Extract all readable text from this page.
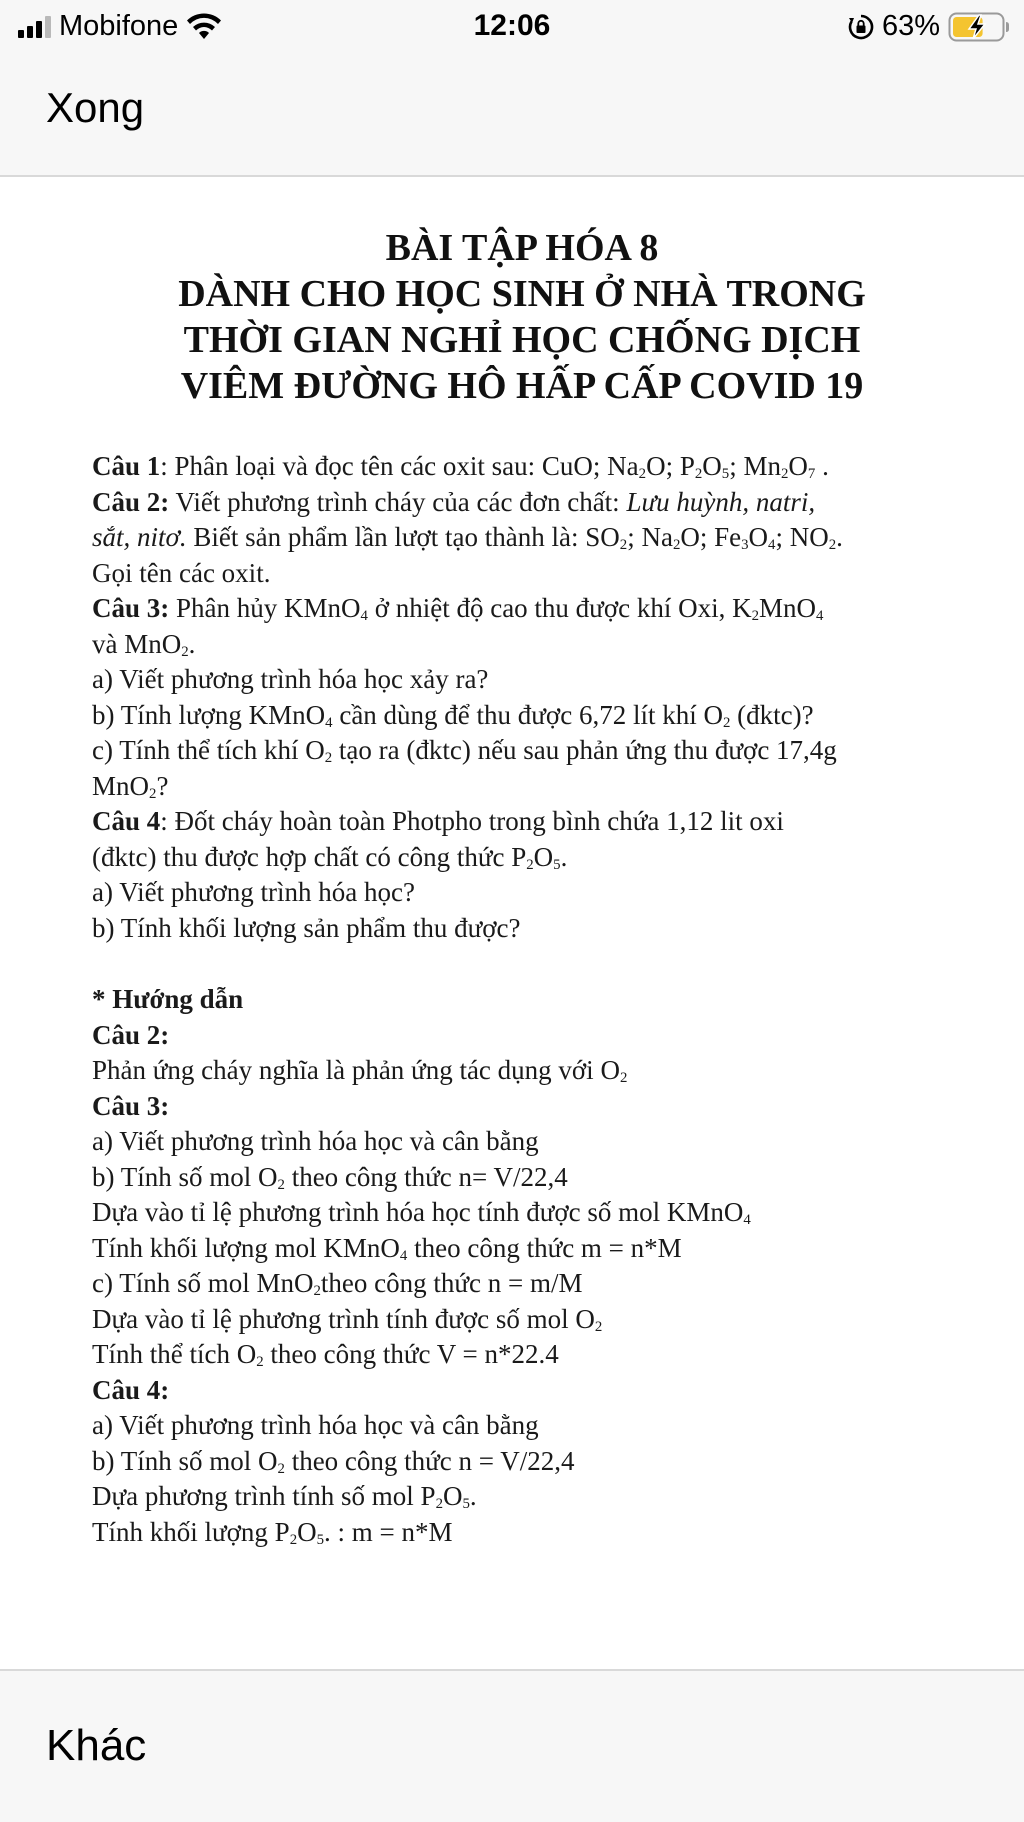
Mobifone	12:06	63%
Xong
BÀI TẬP HÓA 8
DÀNH CHO HỌC SINH Ở NHÀ TRONG
THỜI GIAN NGHỈ HỌC CHỐNG DỊCH
VIÊM ĐƯỜNG HÔ HẤP CẤP COVID 19

Câu 1: Phân loại và đọc tên các oxit sau: CuO; $Na_2O$; $P_2O_5$; $Mn_2O_7$ .

Câu 2: Viết phương trình cháy của các đơn chất: Lưu huỳnh, natri,

sắt, nitơ. Biết sản phẩm lần lượt tạo thành là: $SO_2$; $Na_2O$; $Fe_3O_4$; $NO_2$.

Gọi tên các oxit.

Câu 3: Phân hủy KMnO$_4$ ở nhiệt độ cao thu được khí Oxi, $K_2MnO_4$

và MnO$_2$.

a) Viết phương trình hóa học xảy ra?

b) Tính lượng KMnO$_4$ cần dùng để thu được 6,72 lít khí $O_2$ (đktc)?

c) Tính thể tích khí $O_2$ tạo ra (đktc) nếu sau phản ứng thu được 17,4g

MnO$_2$?

Câu 4: Đốt cháy hoàn toàn Photpho trong bình chứa 1,12 lit oxi

(đktc) thu được hợp chất có công thức $P_2O_5$.

a) Viết phương trình hóa học?

b) Tính khối lượng sản phẩm thu được?

* Hướng dẫn

Câu 2:

Phản ứng cháy nghĩa là phản ứng tác dụng với $O_2$

Câu 3:

a) Viết phương trình hóa học và cân bằng

b) Tính số mol $O_2$ theo công thức n= V/22,4

Dựa vào tỉ lệ phương trình hóa học tính được số mol KMnO$_4$

Tính khối lượng mol KMnO$_4$ theo công thức m = n*M

c) Tính số mol MnO$_2$theo công thức n = m/M

Dựa vào tỉ lệ phương trình tính được số mol $O_2$

Tính thể tích $O_2$ theo công thức V = n*22.4

Câu 4:

a) Viết phương trình hóa học và cân bằng

b) Tính số mol $O_2$ theo công thức n = V/22,4

Dựa phương trình tính số mol $P_2O_5$.

Tính khối lượng $P_2O_5$. : m = n*M

Khác
